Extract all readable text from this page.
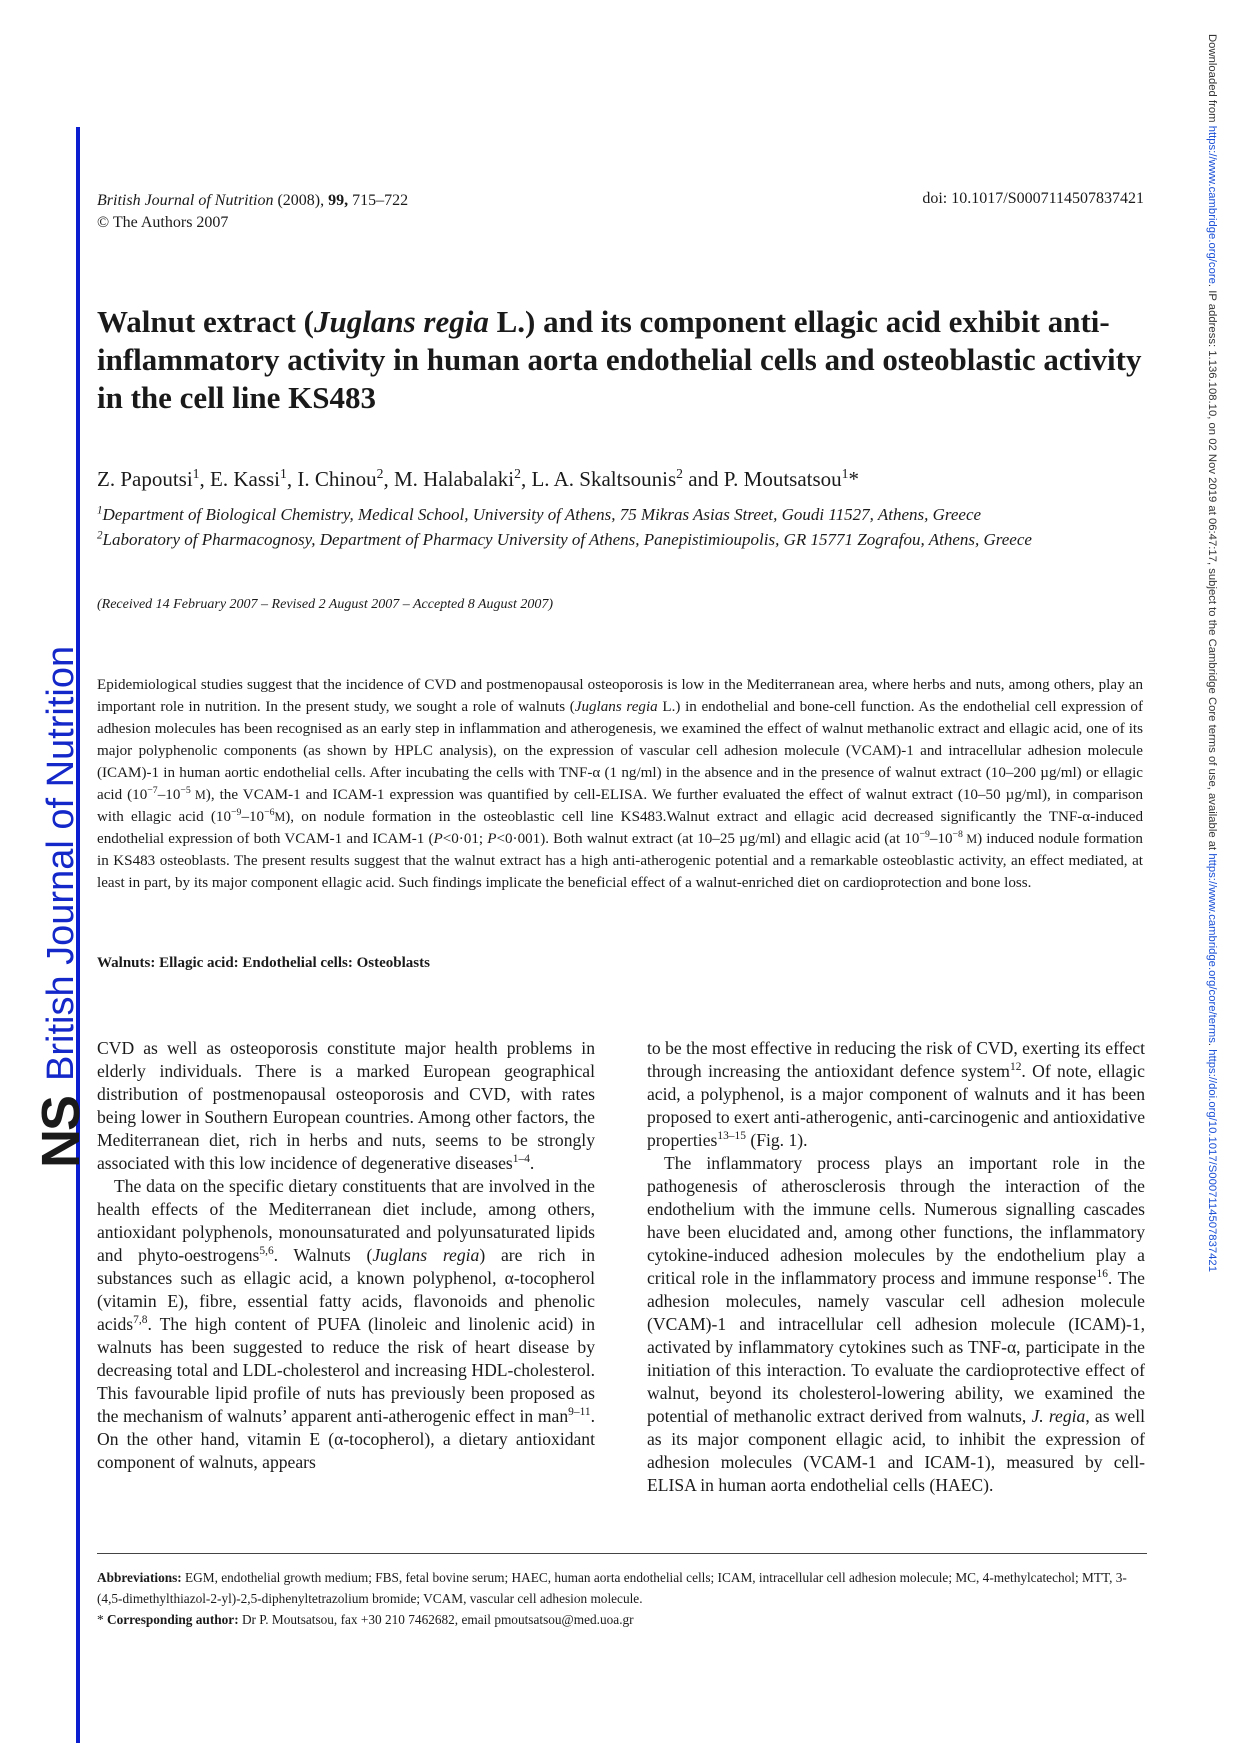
NS
British Journal of Nutrition
Downloaded from https://www.cambridge.org/core. IP address: 1.136.108.10, on 02 Nov 2019 at 06:47:17, subject to the Cambridge Core terms of use, available at https://www.cambridge.org/core/terms. https://doi.org/10.1017/S0007114507837421
British Journal of Nutrition (2008), 99, 715–722
© The Authors 2007
doi: 10.1017/S0007114507837421
Walnut extract (Juglans regia L.) and its component ellagic acid exhibit anti-inflammatory activity in human aorta endothelial cells and osteoblastic activity in the cell line KS483
Z. Papoutsi$^1$, E. Kassi$^1$, I. Chinou$^2$, M. Halabalaki$^2$, L. A. Skaltsounis$^2$ and P. Moutsatsou$^1$*
$^1$Department of Biological Chemistry, Medical School, University of Athens, 75 Mikras Asias Street, Goudi 11527, Athens, Greece
$^2$Laboratory of Pharmacognosy, Department of Pharmacy University of Athens, Panepistimioupolis, GR 15771 Zografou, Athens, Greece
(Received 14 February 2007 – Revised 2 August 2007 – Accepted 8 August 2007)

Epidemiological studies suggest that the incidence of CVD and postmenopausal osteoporosis is low in the Mediterranean area, where herbs and nuts, among others, play an important role in nutrition. In the present study, we sought a role of walnuts (Juglans regia L.) in endothelial and bone-cell function. As the endothelial cell expression of adhesion molecules has been recognised as an early step in inflammation and atherogenesis, we examined the effect of walnut methanolic extract and ellagic acid, one of its major polyphenolic components (as shown by HPLC analysis), on the expression of vascular cell adhesion molecule (VCAM)-1 and intracellular adhesion molecule (ICAM)-1 in human aortic endothelial cells. After incubating the cells with TNF-α (1 ng/ml) in the absence and in the presence of walnut extract (10–200 µg/ml) or ellagic acid ($10^{-7}-10^{-5}$ M), the VCAM-1 and ICAM-1 expression was quantified by cell-ELISA. We further evaluated the effect of walnut extract (10–50 µg/ml), in comparison with ellagic acid $(10^{-9}-10^{-6}M)$, on nodule formation in the osteoblastic cell line KS483.Walnut extract and ellagic acid decreased significantly the TNF-α-induced endothelial expression of both VCAM-1 and ICAM-1 (P<0·01; P<0·001). Both walnut extract (at 10–25 µg/ml) and ellagic acid (at $10^{-9}-10^{-8}$ M) induced nodule formation in KS483 osteoblasts. The present results suggest that the walnut extract has a high anti-atherogenic potential and a remarkable osteoblastic activity, an effect mediated, at least in part, by its major component ellagic acid. Such findings implicate the beneficial effect of a walnut-enriched diet on cardioprotection and bone loss.

Walnuts: Ellagic acid: Endothelial cells: Osteoblasts

CVD as well as osteoporosis constitute major health problems in elderly individuals. There is a marked European geographical distribution of postmenopausal osteoporosis and CVD, with rates being lower in Southern European countries. Among other factors, the Mediterranean diet, rich in herbs and nuts, seems to be strongly associated with this low incidence of degenerative diseases$^{1-4}$.

The data on the specific dietary constituents that are involved in the health effects of the Mediterranean diet include, among others, antioxidant polyphenols, monounsaturated and polyunsaturated lipids and phyto-oestrogens$^{5,6}$. Walnuts (Juglans regia) are rich in substances such as ellagic acid, a known polyphenol, α-tocopherol (vitamin E), fibre, essential fatty acids, flavonoids and phenolic acids$^{7,8}$. The high content of PUFA (linoleic and linolenic acid) in walnuts has been suggested to reduce the risk of heart disease by decreasing total and LDL-cholesterol and increasing HDL-cholesterol. This favourable lipid profile of nuts has previously been proposed as the mechanism of walnuts’ apparent anti-atherogenic effect in man$^{9-11}$. On the other hand, vitamin E (α-tocopherol), a dietary antioxidant component of walnuts, appears

to be the most effective in reducing the risk of CVD, exerting its effect through increasing the antioxidant defence system$^{12}$. Of note, ellagic acid, a polyphenol, is a major component of walnuts and it has been proposed to exert anti-atherogenic, anti-carcinogenic and antioxidative properties$^{13-15}$ (Fig. 1).

The inflammatory process plays an important role in the pathogenesis of atherosclerosis through the interaction of the endothelium with the immune cells. Numerous signalling cascades have been elucidated and, among other functions, the inflammatory cytokine-induced adhesion molecules by the endothelium play a critical role in the inflammatory process and immune response$^{16}$. The adhesion molecules, namely vascular cell adhesion molecule (VCAM)-1 and intracellular cell adhesion molecule (ICAM)-1, activated by inflammatory cytokines such as TNF-α, participate in the initiation of this interaction. To evaluate the cardioprotective effect of walnut, beyond its cholesterol-lowering ability, we examined the potential of methanolic extract derived from walnuts, J. regia, as well as its major component ellagic acid, to inhibit the expression of adhesion molecules (VCAM-1 and ICAM-1), measured by cell-ELISA in human aorta endothelial cells (HAEC).

Abbreviations: EGM, endothelial growth medium; FBS, fetal bovine serum; HAEC, human aorta endothelial cells; ICAM, intracellular cell adhesion molecule; MC, 4-methylcatechol; MTT, 3-(4,5-dimethylthiazol-2-yl)-2,5-diphenyltetrazolium bromide; VCAM, vascular cell adhesion molecule.
* Corresponding author: Dr P. Moutsatsou, fax +30 210 7462682, email pmoutsatsou@med.uoa.gr
